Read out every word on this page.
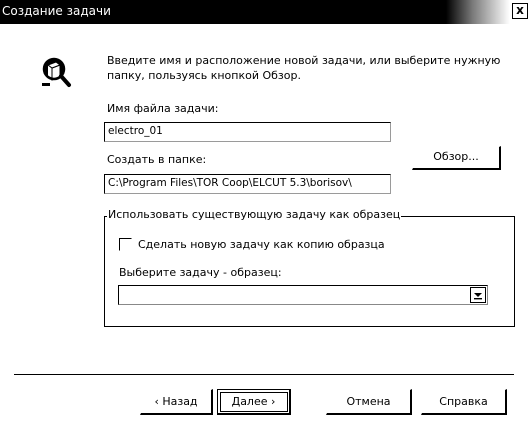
Создание задачи	x
Введите имя и расположение новой задачи, или выберите нужную папку, пользуясь кнопкой Обзор.
Имя файла задачи:
electro_01
Создать в папке:
C:\Program Files\TOR Coop\ELCUT 5.3\borisov\
Обзор...
Использовать существующую задачу как образец
Сделать новую задачу как копию образца
Выберите задачу - образец:
‹ Назад	Далее ›	Отмена	Справка
